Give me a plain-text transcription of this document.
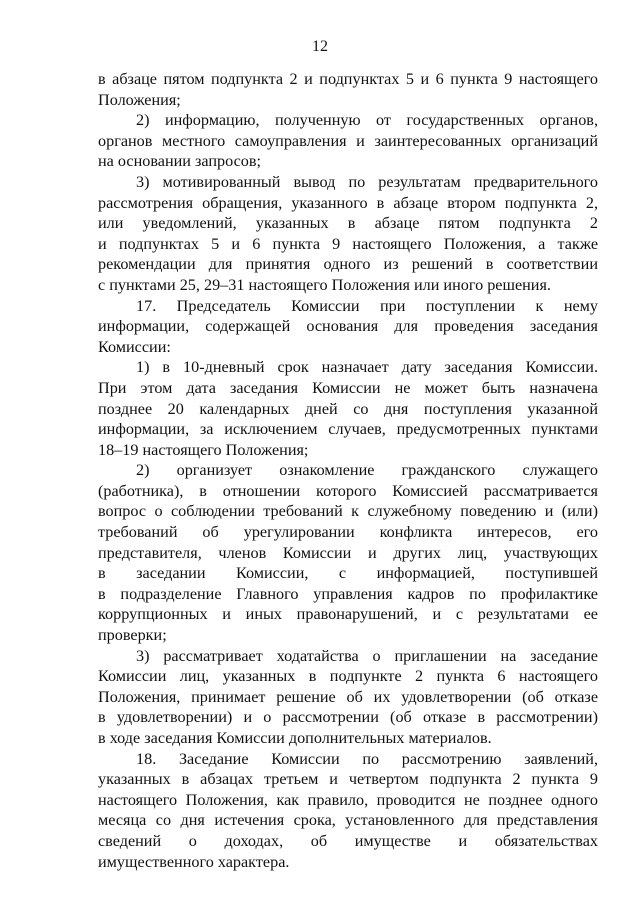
12
в абзаце пятом подпункта 2 и подпунктах 5 и 6 пункта 9 настоящего
Положения;
2) информацию, полученную от государственных органов,
органов местного самоуправления и заинтересованных организаций
на основании запросов;
3) мотивированный вывод по результатам предварительного
рассмотрения обращения, указанного в абзаце втором подпункта 2,
или уведомлений, указанных в абзаце пятом подпункта 2
и подпунктах 5 и 6 пункта 9 настоящего Положения, а также
рекомендации для принятия одного из решений в соответствии
с пунктами 25, 29–31 настоящего Положения или иного решения.
17. Председатель Комиссии при поступлении к нему
информации, содержащей основания для проведения заседания
Комиссии:
1) в 10-дневный срок назначает дату заседания Комиссии.
При этом дата заседания Комиссии не может быть назначена
позднее 20 календарных дней со дня поступления указанной
информации, за исключением случаев, предусмотренных пунктами
18–19 настоящего Положения;
2) организует ознакомление гражданского служащего
(работника), в отношении которого Комиссией рассматривается
вопрос о соблюдении требований к служебному поведению и (или)
требований об урегулировании конфликта интересов, его
представителя, членов Комиссии и других лиц, участвующих
в заседании Комиссии, с информацией, поступившей
в подразделение Главного управления кадров по профилактике
коррупционных и иных правонарушений, и с результатами ее
проверки;
3) рассматривает ходатайства о приглашении на заседание
Комиссии лиц, указанных в подпункте 2 пункта 6 настоящего
Положения, принимает решение об их удовлетворении (об отказе
в удовлетворении) и о рассмотрении (об отказе в рассмотрении)
в ходе заседания Комиссии дополнительных материалов.
18. Заседание Комиссии по рассмотрению заявлений,
указанных в абзацах третьем и четвертом подпункта 2 пункта 9
настоящего Положения, как правило, проводится не позднее одного
месяца со дня истечения срока, установленного для представления
сведений о доходах, об имуществе и обязательствах
имущественного характера.
